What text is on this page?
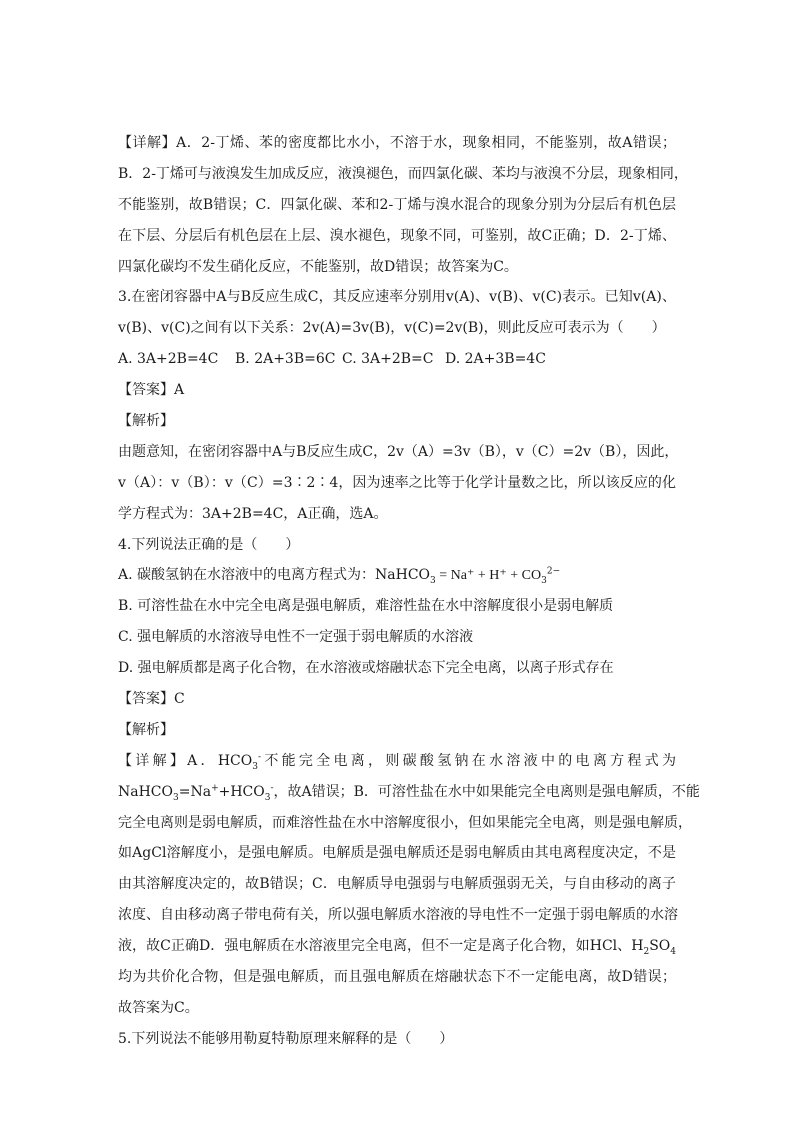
【详解】A．2-丁烯、苯的密度都比水小，不溶于水，现象相同，不能鉴别，故A错误；
B．2-丁烯可与液溴发生加成反应，液溴褪色，而四氯化碳、苯均与液溴不分层，现象相同，
不能鉴别，故B错误；C．四氯化碳、苯和2-丁烯与溴水混合的现象分别为分层后有机色层
在下层、分层后有机色层在上层、溴水褪色，现象不同，可鉴别，故C正确；D．2-丁烯、
四氯化碳均不发生硝化反应，不能鉴别，故D错误；故答案为C。
3.在密闭容器中A与B反应生成C，其反应速率分别用v(A)、v(B)、v(C)表示。已知v(A)、
v(B)、v(C)之间有以下关系：2v(A)=3v(B)，v(C)=2v(B)，则此反应可表示为（　　）
A. 3A+2B=4C B. 2A+3B=6C C. 3A+2B=C D. 2A+3B=4C
【答案】A
【解析】
由题意知，在密闭容器中A与B反应生成C，2v（A）=3v（B），v（C）=2v（B），因此，
v（A）：v（B）：v（C）=3∶2∶4，因为速率之比等于化学计量数之比，所以该反应的化
学方程式为：3A+2B=4C，A正确，选A。
4.下列说法正确的是（　　）
A. 碳酸氢钠在水溶液中的电离方程式为：NaHCO$_3$ = $Na^+ + H^+ + CO_3^{2-}$
B. 可溶性盐在水中完全电离是强电解质，难溶性盐在水中溶解度很小是弱电解质
C. 强电解质的水溶液导电性不一定强于弱电解质的水溶液
D. 强电解质都是离子化合物，在水溶液或熔融状态下完全电离，以离子形式存在
【答案】C
【解析】
【详解】A．$HCO_3^-$不能完全电离，则碳酸氢钠在水溶液中的电离方程式为
$NaHCO_3=Na^++HCO_3^-$，故A错误；B．可溶性盐在水中如果能完全电离则是强电解质，不能
完全电离则是弱电解质，而难溶性盐在水中溶解度很小，但如果能完全电离，则是强电解质，
如AgCl溶解度小，是强电解质。电解质是强电解质还是弱电解质由其电离程度决定，不是
由其溶解度决定的，故B错误；C．电解质导电强弱与电解质强弱无关，与自由移动的离子
浓度、自由移动离子带电荷有关，所以强电解质水溶液的导电性不一定强于弱电解质的水溶
液，故C正确D．强电解质在水溶液里完全电离，但不一定是离子化合物，如HCl、$H_2SO_4$
均为共价化合物，但是强电解质，而且强电解质在熔融状态下不一定能电离，故D错误；
故答案为C。
5.下列说法不能够用勒夏特勒原理来解释的是（　　）
